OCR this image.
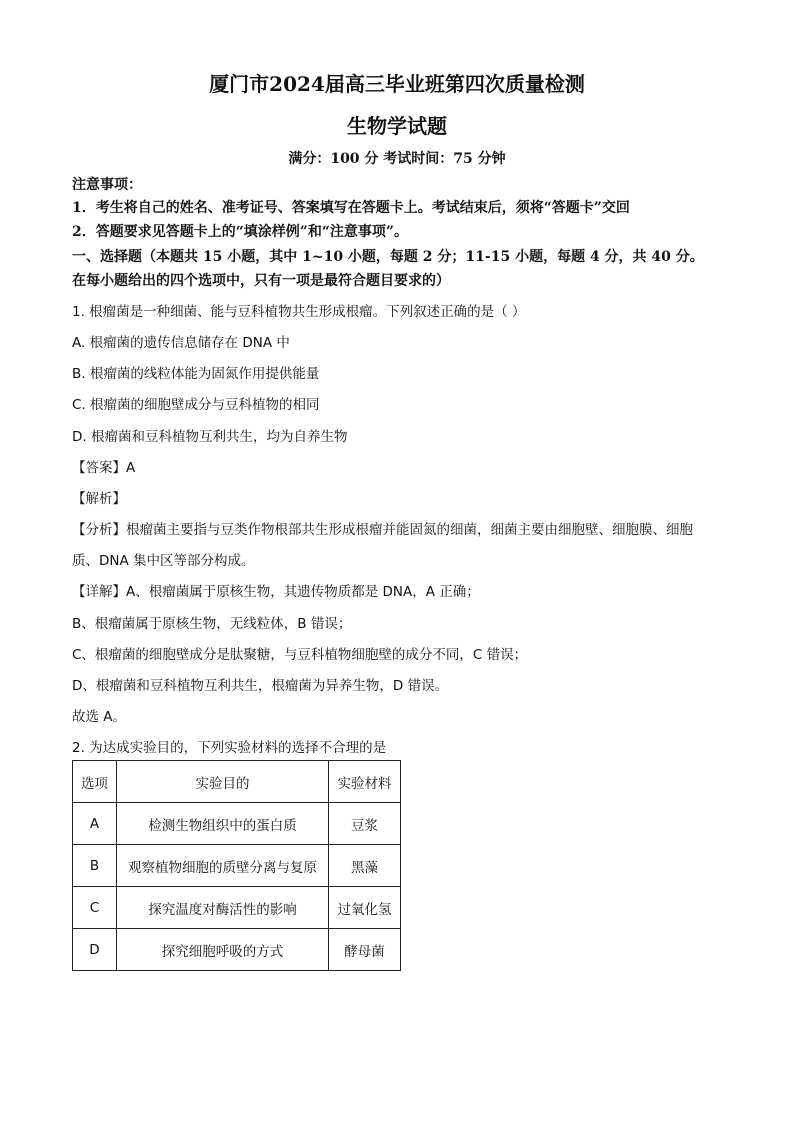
厦门市2024届高三毕业班第四次质量检测
生物学试题
满分：100 分 考试时间：75 分钟
注意事项：
1．考生将自己的姓名、准考证号、答案填写在答题卡上。考试结束后，须将“答题卡”交回
2．答题要求见答题卡上的“填涂样例”和“注意事项”。
一、选择题（本题共 15 小题，其中 1~10 小题，每题 2 分；11-15 小题，每题 4 分，共 40 分。
在每小题给出的四个选项中，只有一项是最符合题目要求的）
1. 根瘤菌是一种细菌、能与豆科植物共生形成根瘤。下列叙述正确的是（ ）
A. 根瘤菌的遗传信息储存在 DNA 中
B. 根瘤菌的线粒体能为固氮作用提供能量
C. 根瘤菌的细胞壁成分与豆科植物的相同
D. 根瘤菌和豆科植物互利共生，均为自养生物
【答案】A
【解析】
【分析】根瘤菌主要指与豆类作物根部共生形成根瘤并能固氮的细菌，细菌主要由细胞壁、细胞膜、细胞
质、DNA 集中区等部分构成。
【详解】A、根瘤菌属于原核生物，其遗传物质都是 DNA，A 正确；
B、根瘤菌属于原核生物，无线粒体，B 错误；
C、根瘤菌的细胞壁成分是肽聚糖，与豆科植物细胞壁的成分不同，C 错误；
D、根瘤菌和豆科植物互利共生，根瘤菌为异养生物，D 错误。
故选 A。
2. 为达成实验目的，下列实验材料的选择不合理的是
选项	实验目的	实验材料
A	检测生物组织中的蛋白质	豆浆
B	观察植物细胞的质壁分离与复原	黑藻
C	探究温度对酶活性的影响	过氧化氢
D	探究细胞呼吸的方式	酵母菌
